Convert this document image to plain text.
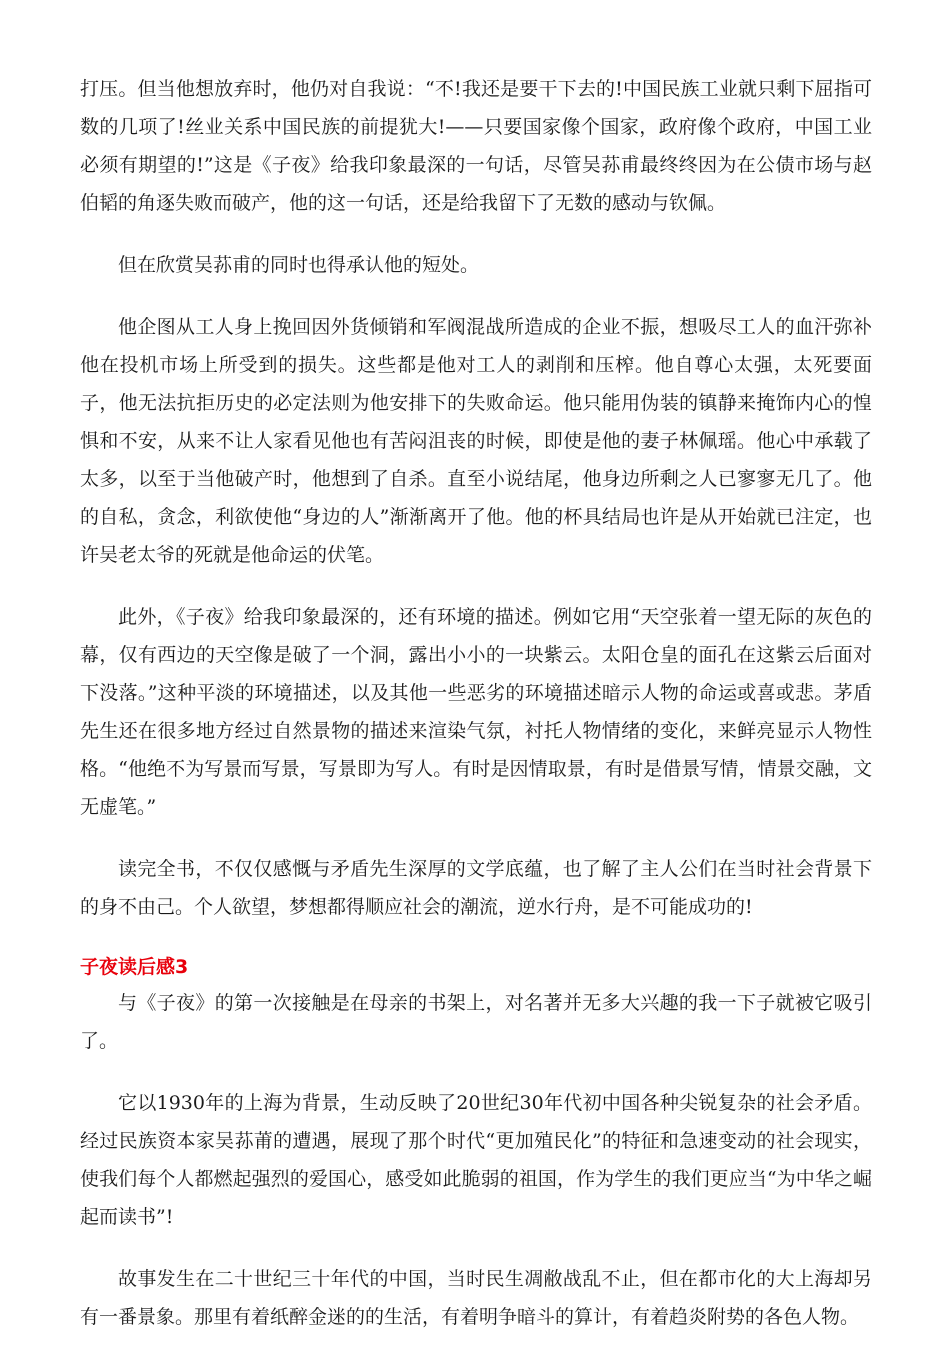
打压。但当他想放弃时，他仍对自我说：“不!我还是要干下去的!中国民族工业就只剩下屈指可数的几项了!丝业关系中国民族的前提犹大!——只要国家像个国家，政府像个政府，中国工业必须有期望的!”这是《子夜》给我印象最深的一句话，尽管吴荪甫最终终因为在公债市场与赵伯韬的角逐失败而破产，他的这一句话，还是给我留下了无数的感动与钦佩。

但在欣赏吴荪甫的同时也得承认他的短处。

他企图从工人身上挽回因外货倾销和军阀混战所造成的企业不振，想吸尽工人的血汗弥补他在投机市场上所受到的损失。这些都是他对工人的剥削和压榨。他自尊心太强，太死要面子，他无法抗拒历史的必定法则为他安排下的失败命运。他只能用伪装的镇静来掩饰内心的惶惧和不安，从来不让人家看见他也有苦闷沮丧的时候，即使是他的妻子林佩瑶。他心中承载了太多，以至于当他破产时，他想到了自杀。直至小说结尾，他身边所剩之人已寥寥无几了。他的自私，贪念，利欲使他“身边的人”渐渐离开了他。他的杯具结局也许是从开始就已注定，也许吴老太爷的死就是他命运的伏笔。

此外，《子夜》给我印象最深的，还有环境的描述。例如它用“天空张着一望无际的灰色的幕，仅有西边的天空像是破了一个洞，露出小小的一块紫云。太阳仓皇的面孔在这紫云后面对下没落。”这种平淡的环境描述，以及其他一些恶劣的环境描述暗示人物的命运或喜或悲。茅盾先生还在很多地方经过自然景物的描述来渲染气氛，衬托人物情绪的变化，来鲜亮显示人物性格。“他绝不为写景而写景，写景即为写人。有时是因情取景，有时是借景写情，情景交融，文无虚笔。”

读完全书，不仅仅感慨与矛盾先生深厚的文学底蕴，也了解了主人公们在当时社会背景下的身不由己。个人欲望，梦想都得顺应社会的潮流，逆水行舟，是不可能成功的!

子夜读后感3

与《子夜》的第一次接触是在母亲的书架上，对名著并无多大兴趣的我一下子就被它吸引了。

它以1930年的上海为背景，生动反映了20世纪30年代初中国各种尖锐复杂的社会矛盾。经过民族资本家吴荪莆的遭遇，展现了那个时代“更加殖民化”的特征和急速变动的社会现实，使我们每个人都燃起强烈的爱国心，感受如此脆弱的祖国，作为学生的我们更应当“为中华之崛起而读书”!

故事发生在二十世纪三十年代的中国，当时民生凋敝战乱不止，但在都市化的大上海却另有一番景象。那里有着纸醉金迷的的生活，有着明争暗斗的算计，有着趋炎附势的各色人物。
